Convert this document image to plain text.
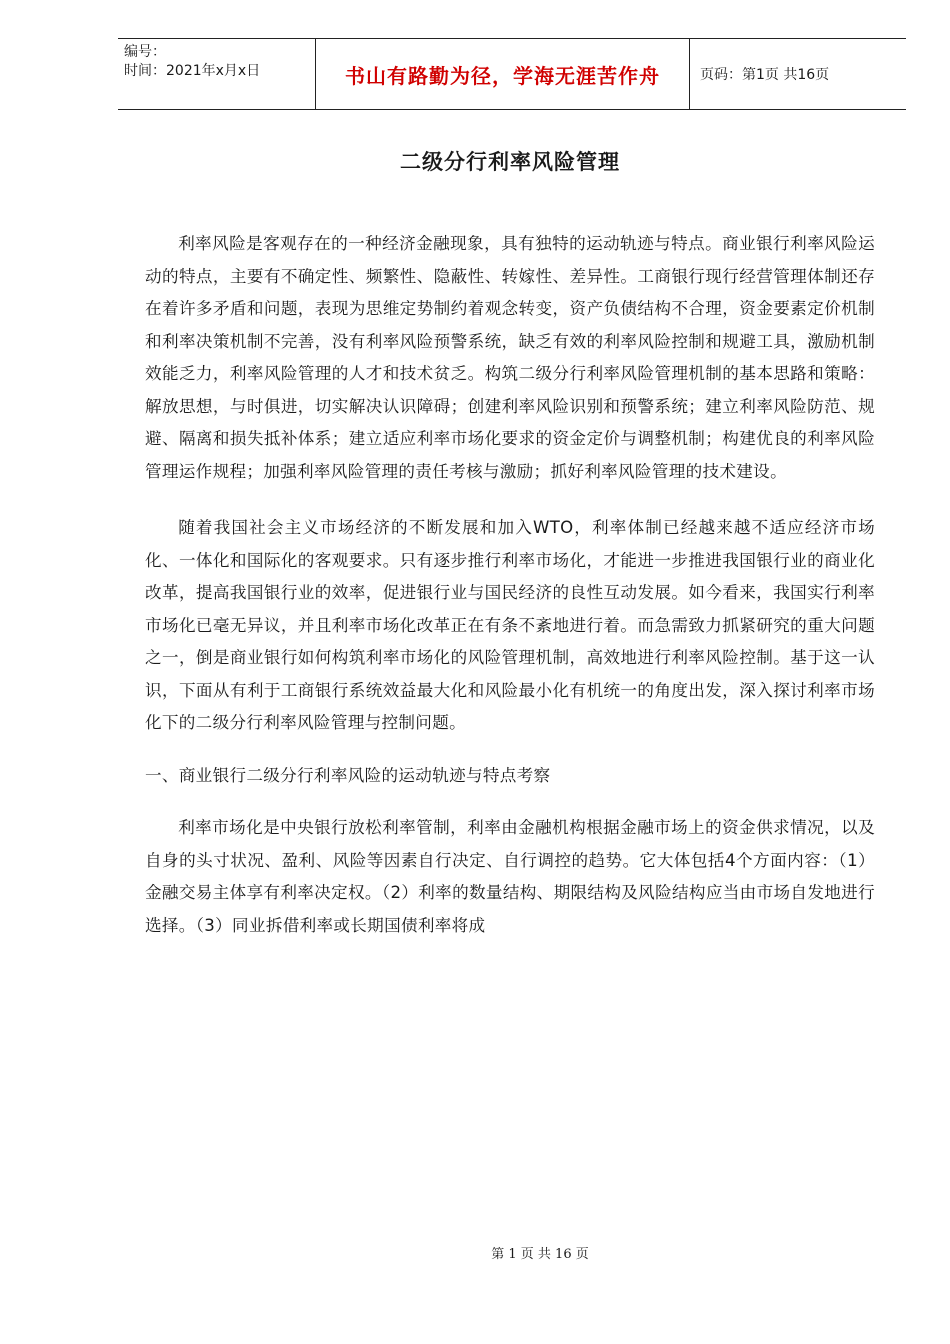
编号：
时间：2021年x月x日	书山有路勤为径，学海无涯苦作舟	页码：第1页 共16页
二级分行利率风险管理

利率风险是客观存在的一种经济金融现象，具有独特的运动轨迹与特点。商业银行利率风险运动的特点，主要有不确定性、频繁性、隐蔽性、转嫁性、差异性。工商银行现行经营管理体制还存在着许多矛盾和问题，表现为思维定势制约着观念转变，资产负债结构不合理，资金要素定价机制和利率决策机制不完善，没有利率风险预警系统，缺乏有效的利率风险控制和规避工具，激励机制效能乏力，利率风险管理的人才和技术贫乏。构筑二级分行利率风险管理机制的基本思路和策略：解放思想，与时俱进，切实解决认识障碍；创建利率风险识别和预警系统；建立利率风险防范、规避、隔离和损失抵补体系；建立适应利率市场化要求的资金定价与调整机制；构建优良的利率风险管理运作规程；加强利率风险管理的责任考核与激励；抓好利率风险管理的技术建设。

随着我国社会主义市场经济的不断发展和加入WTO，利率体制已经越来越不适应经济市场化、一体化和国际化的客观要求。只有逐步推行利率市场化，才能进一步推进我国银行业的商业化改革，提高我国银行业的效率，促进银行业与国民经济的良性互动发展。如今看来，我国实行利率市场化已毫无异议，并且利率市场化改革正在有条不紊地进行着。而急需致力抓紧研究的重大问题之一，倒是商业银行如何构筑利率市场化的风险管理机制，高效地进行利率风险控制。基于这一认识，下面从有利于工商银行系统效益最大化和风险最小化有机统一的角度出发，深入探讨利率市场化下的二级分行利率风险管理与控制问题。

一、商业银行二级分行利率风险的运动轨迹与特点考察

利率市场化是中央银行放松利率管制，利率由金融机构根据金融市场上的资金供求情况，以及自身的头寸状况、盈利、风险等因素自行决定、自行调控的趋势。它大体包括4个方面内容：（1）金融交易主体享有利率决定权。（2）利率的数量结构、期限结构及风险结构应当由市场自发地进行选择。（3）同业拆借利率或长期国债利率将成

第 1 页 共 16 页
